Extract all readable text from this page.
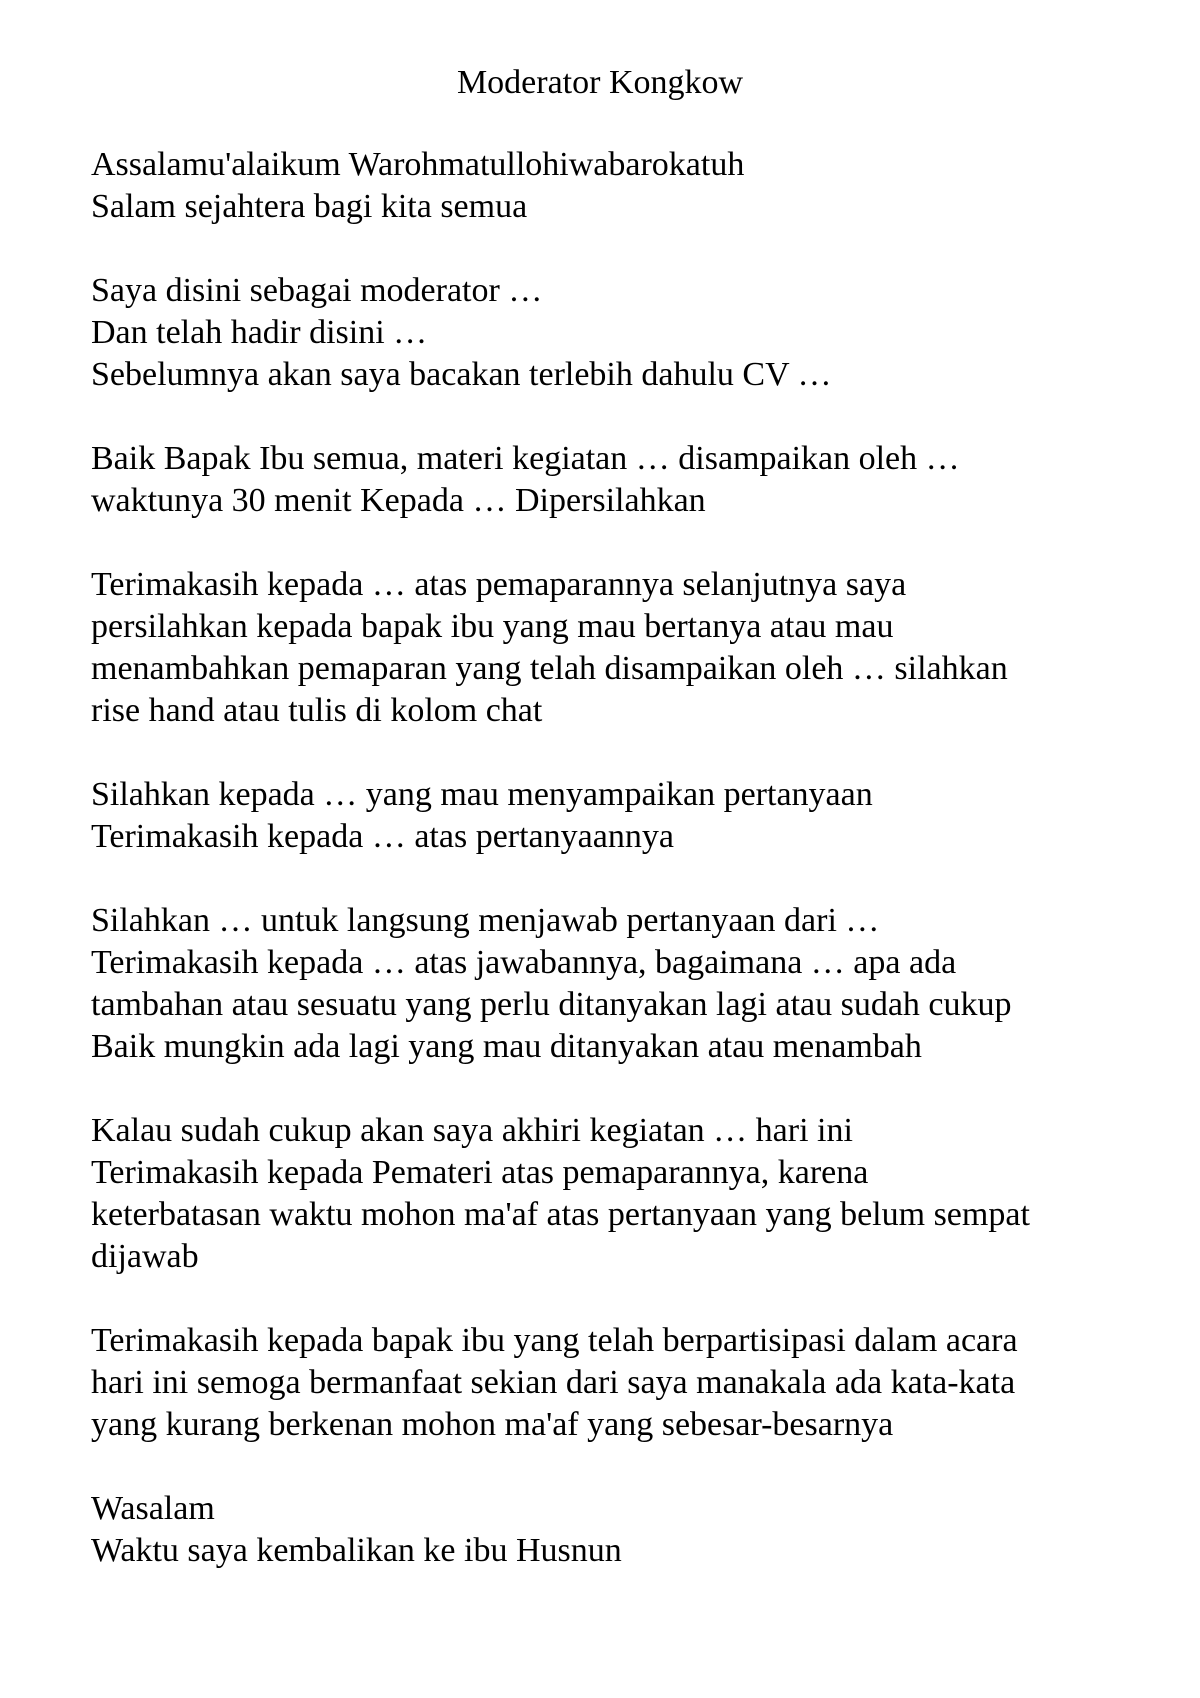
Moderator Kongkow
Assalamu'alaikum Warohmatullohiwabarokatuh
Salam sejahtera bagi kita semua
Saya disini sebagai moderator …
Dan telah hadir disini …
Sebelumnya akan saya bacakan terlebih dahulu CV …
Baik Bapak Ibu semua, materi kegiatan … disampaikan oleh …
waktunya 30 menit Kepada … Dipersilahkan
Terimakasih kepada … atas pemaparannya selanjutnya saya
persilahkan kepada bapak ibu yang mau bertanya atau mau
menambahkan pemaparan yang telah disampaikan oleh … silahkan
rise hand atau tulis di kolom chat
Silahkan kepada … yang mau menyampaikan pertanyaan
Terimakasih kepada … atas pertanyaannya
Silahkan … untuk langsung menjawab pertanyaan dari …
Terimakasih kepada … atas jawabannya, bagaimana … apa ada
tambahan atau sesuatu yang perlu ditanyakan lagi atau sudah cukup
Baik mungkin ada lagi yang mau ditanyakan atau menambah
Kalau sudah cukup akan saya akhiri kegiatan … hari ini
Terimakasih kepada Pemateri atas pemaparannya, karena
keterbatasan waktu mohon ma'af atas pertanyaan yang belum sempat
dijawab
Terimakasih kepada bapak ibu yang telah berpartisipasi dalam acara
hari ini semoga bermanfaat sekian dari saya manakala ada kata-kata
yang kurang berkenan mohon ma'af yang sebesar-besarnya
Wasalam
Waktu saya kembalikan ke ibu Husnun
